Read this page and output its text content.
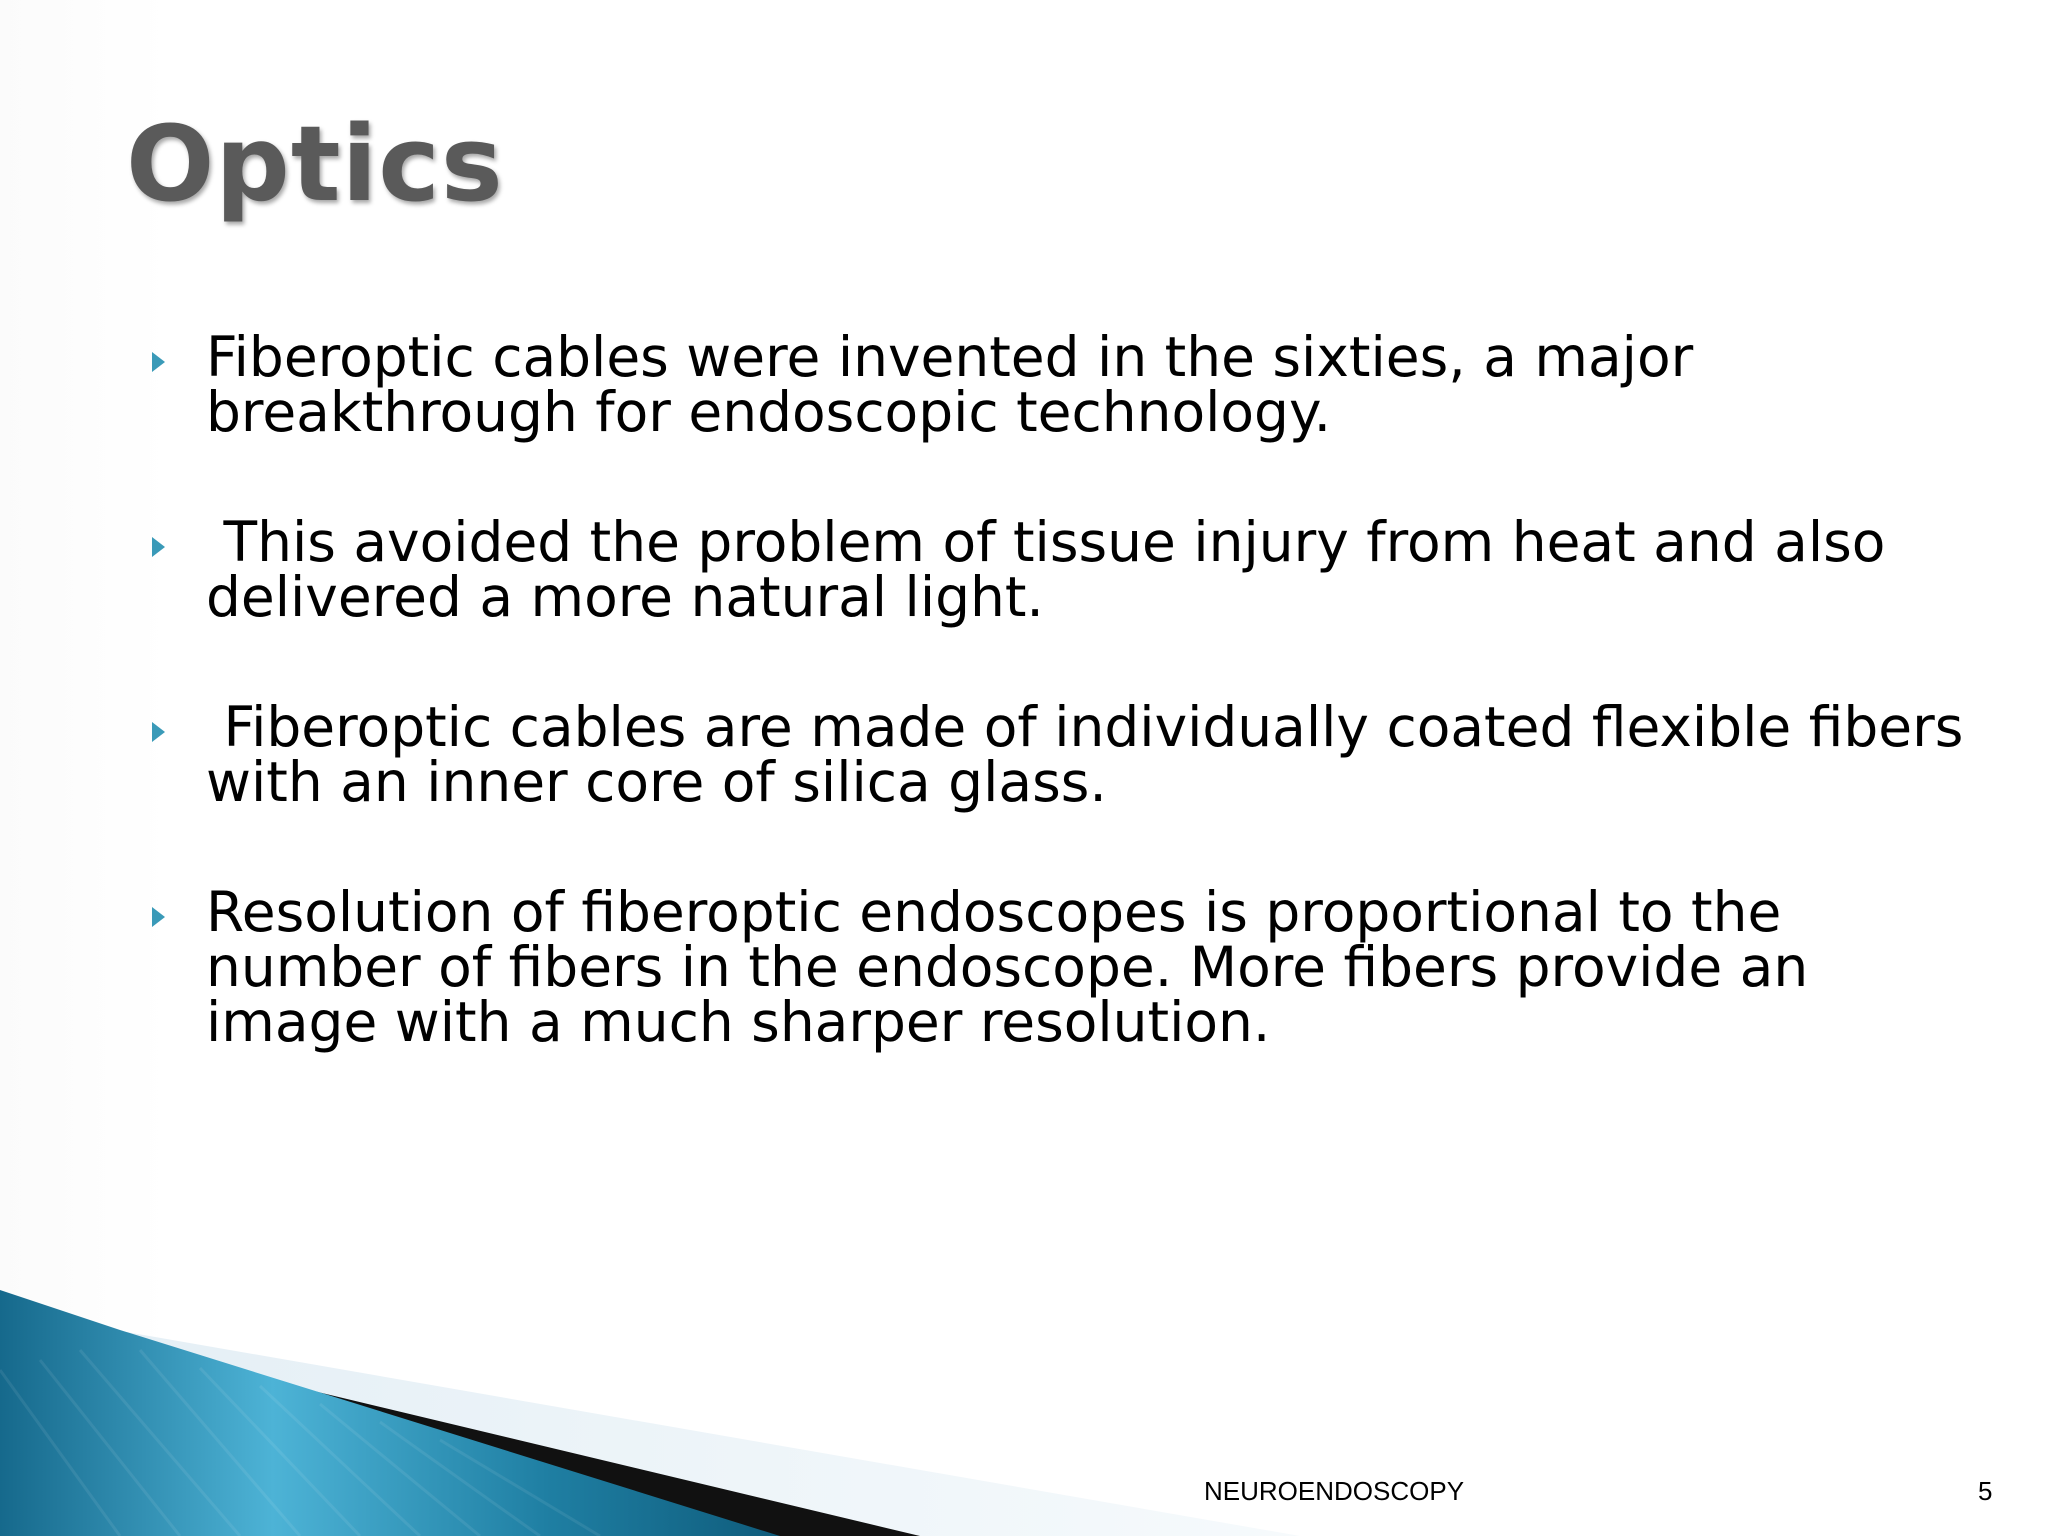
Optics
Fiberoptic cables were invented in the sixties, a major breakthrough for endoscopic technology.
This avoided the problem of tissue injury from heat and also delivered a more natural light.
Fiberoptic cables are made of individually coated flexible fibers with an inner core of silica glass.
Resolution of fiberoptic endoscopes is proportional to the number of fibers in the endoscope. More fibers provide an image with a much sharper resolution.
NEUROENDOSCOPY	5
